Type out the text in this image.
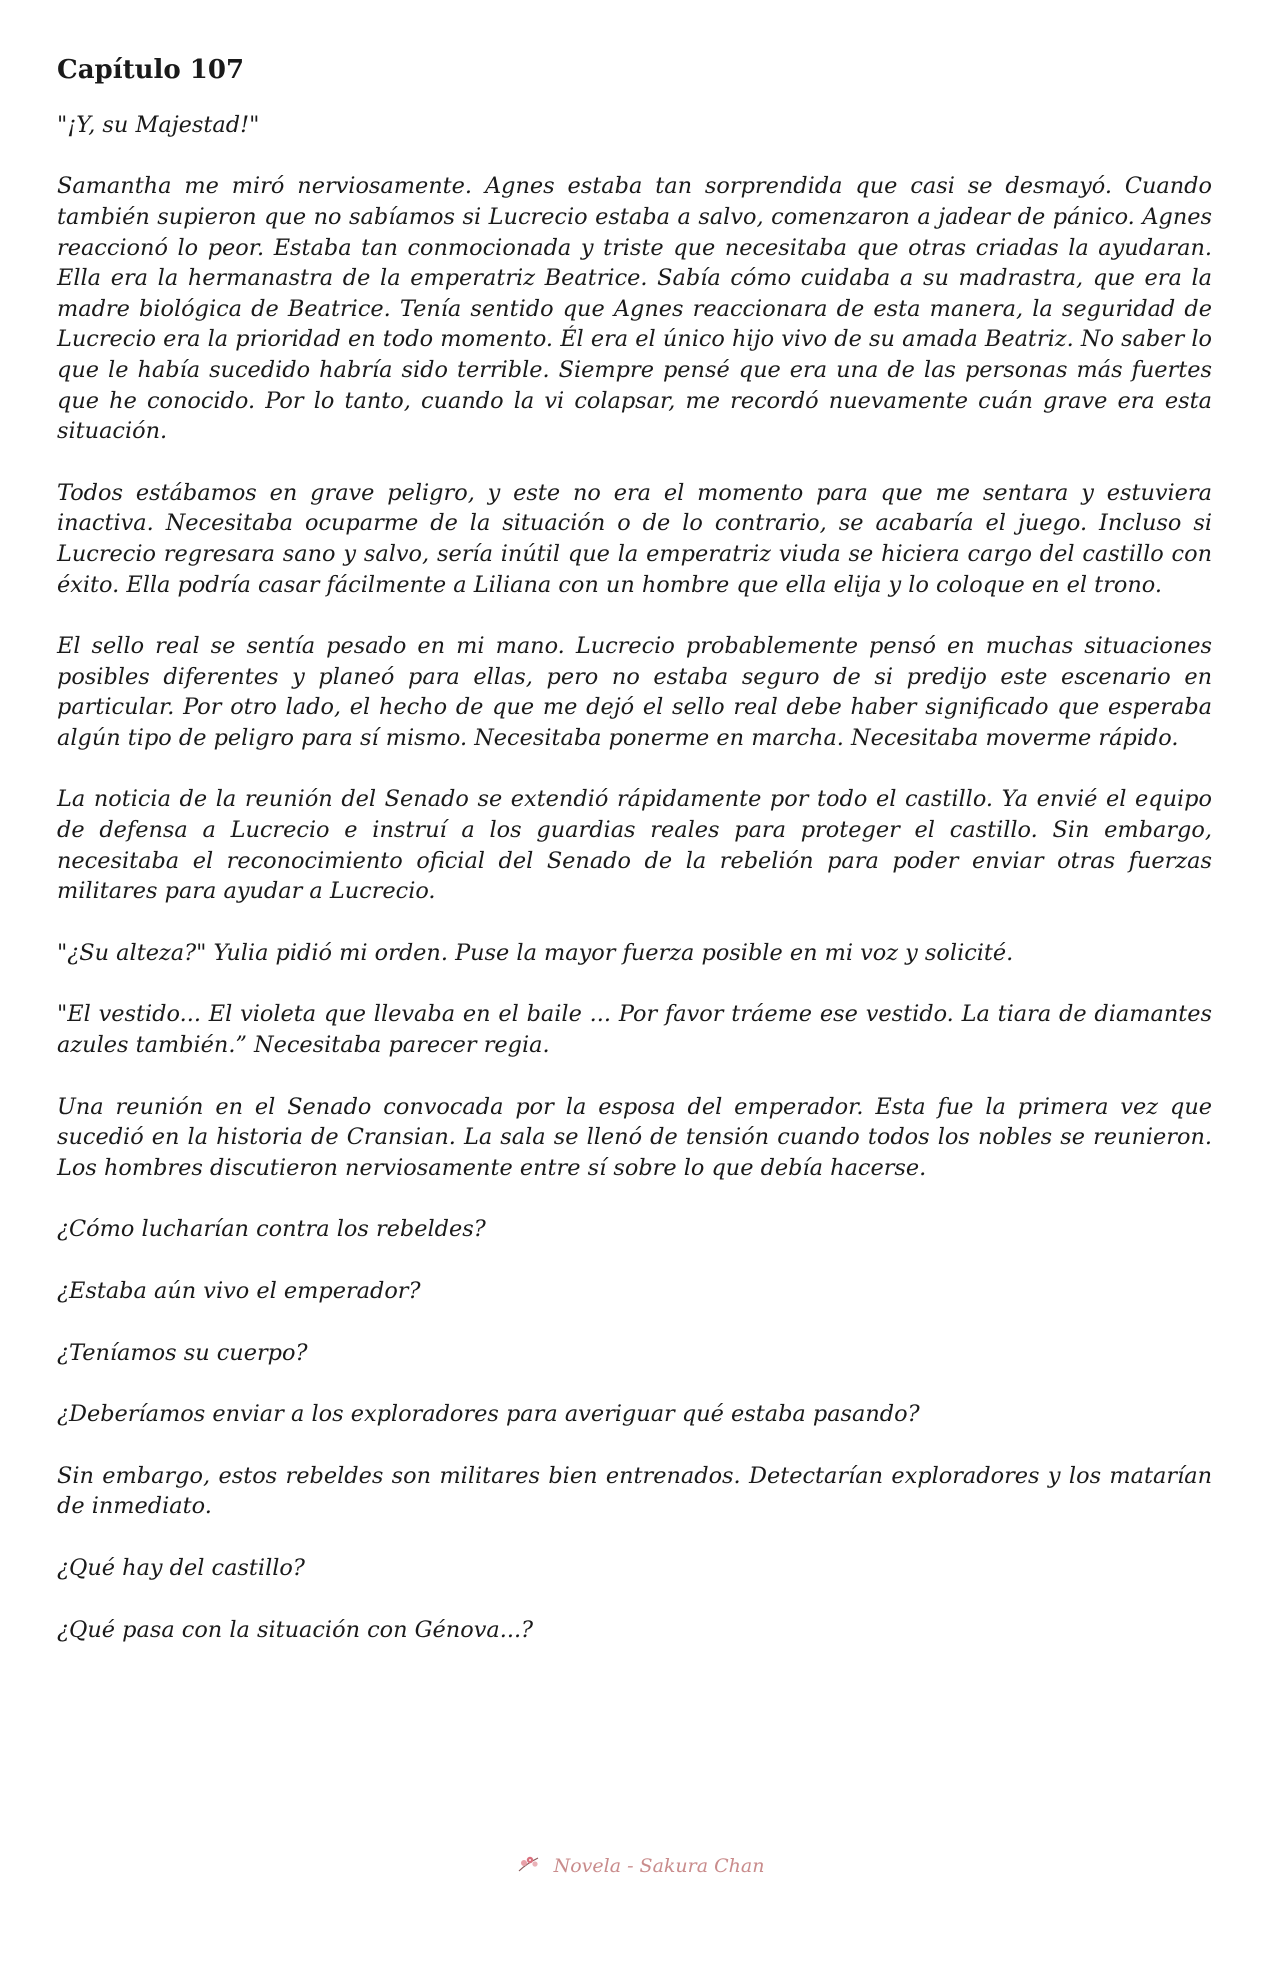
Capítulo 107

"¡Y, su Majestad!"

Samantha me miró nerviosamente. Agnes estaba tan sorprendida que casi se desmayó. Cuando también supieron que no sabíamos si Lucrecio estaba a salvo, comenzaron a jadear de pánico. Agnes reaccionó lo peor. Estaba tan conmocionada y triste que necesitaba que otras criadas la ayudaran. Ella era la hermanastra de la emperatriz Beatrice. Sabía cómo cuidaba a su madrastra, que era la madre biológica de Beatrice. Tenía sentido que Agnes reaccionara de esta manera, la seguridad de Lucrecio era la prioridad en todo momento. Él era el único hijo vivo de su amada Beatriz. No saber lo que le había sucedido habría sido terrible. Siempre pensé que era una de las personas más fuertes que he conocido. Por lo tanto, cuando la vi colapsar, me recordó nuevamente cuán grave era esta situación.

Todos estábamos en grave peligro, y este no era el momento para que me sentara y estuviera inactiva. Necesitaba ocuparme de la situación o de lo contrario, se acabaría el juego. Incluso si Lucrecio regresara sano y salvo, sería inútil que la emperatriz viuda se hiciera cargo del castillo con éxito. Ella podría casar fácilmente a Liliana con un hombre que ella elija y lo coloque en el trono.

El sello real se sentía pesado en mi mano. Lucrecio probablemente pensó en muchas situaciones posibles diferentes y planeó para ellas, pero no estaba seguro de si predijo este escenario en particular. Por otro lado, el hecho de que me dejó el sello real debe haber significado que esperaba algún tipo de peligro para sí mismo. Necesitaba ponerme en marcha. Necesitaba moverme rápido.

La noticia de la reunión del Senado se extendió rápidamente por todo el castillo. Ya envié el equipo de defensa a Lucrecio e instruí a los guardias reales para proteger el castillo. Sin embargo, necesitaba el reconocimiento oficial del Senado de la rebelión para poder enviar otras fuerzas militares para ayudar a Lucrecio.

"¿Su alteza?" Yulia pidió mi orden. Puse la mayor fuerza posible en mi voz y solicité.

"El vestido... El violeta que llevaba en el baile ... Por favor tráeme ese vestido. La tiara de diamantes azules también.” Necesitaba parecer regia.

Una reunión en el Senado convocada por la esposa del emperador. Esta fue la primera vez que sucedió en la historia de Cransian. La sala se llenó de tensión cuando todos los nobles se reunieron. Los hombres discutieron nerviosamente entre sí sobre lo que debía hacerse.

¿Cómo lucharían contra los rebeldes?

¿Estaba aún vivo el emperador?

¿Teníamos su cuerpo?

¿Deberíamos enviar a los exploradores para averiguar qué estaba pasando?

Sin embargo, estos rebeldes son militares bien entrenados. Detectarían exploradores y los matarían de inmediato.

¿Qué hay del castillo?

¿Qué pasa con la situación con Génova...?

Novela - Sakura Chan
